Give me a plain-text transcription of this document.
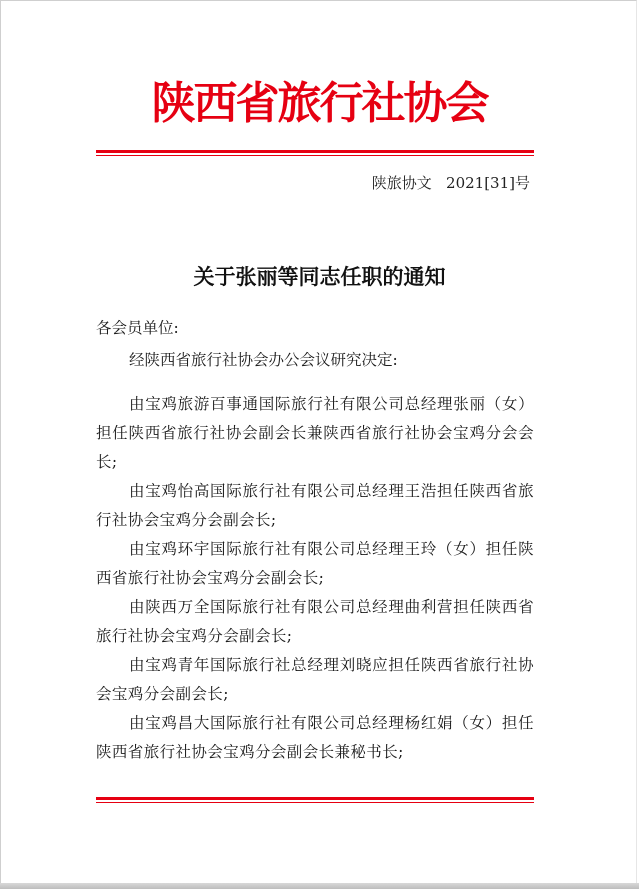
陕西省旅行社协会
陕旅协文   2021[31]号
关于张丽等同志任职的通知
各会员单位:
经陕西省旅行社协会办公会议研究决定:

由宝鸡旅游百事通国际旅行社有限公司总经理张丽（女）担任陕西省旅行社协会副会长兼陕西省旅行社协会宝鸡分会会长;

由宝鸡怡高国际旅行社有限公司总经理王浩担任陕西省旅行社协会宝鸡分会副会长;

由宝鸡环宇国际旅行社有限公司总经理王玲（女）担任陕西省旅行社协会宝鸡分会副会长;

由陕西万全国际旅行社有限公司总经理曲利营担任陕西省旅行社协会宝鸡分会副会长;

由宝鸡青年国际旅行社总经理刘晓应担任陕西省旅行社协会宝鸡分会副会长;

由宝鸡昌大国际旅行社有限公司总经理杨红娟（女）担任陕西省旅行社协会宝鸡分会副会长兼秘书长;
